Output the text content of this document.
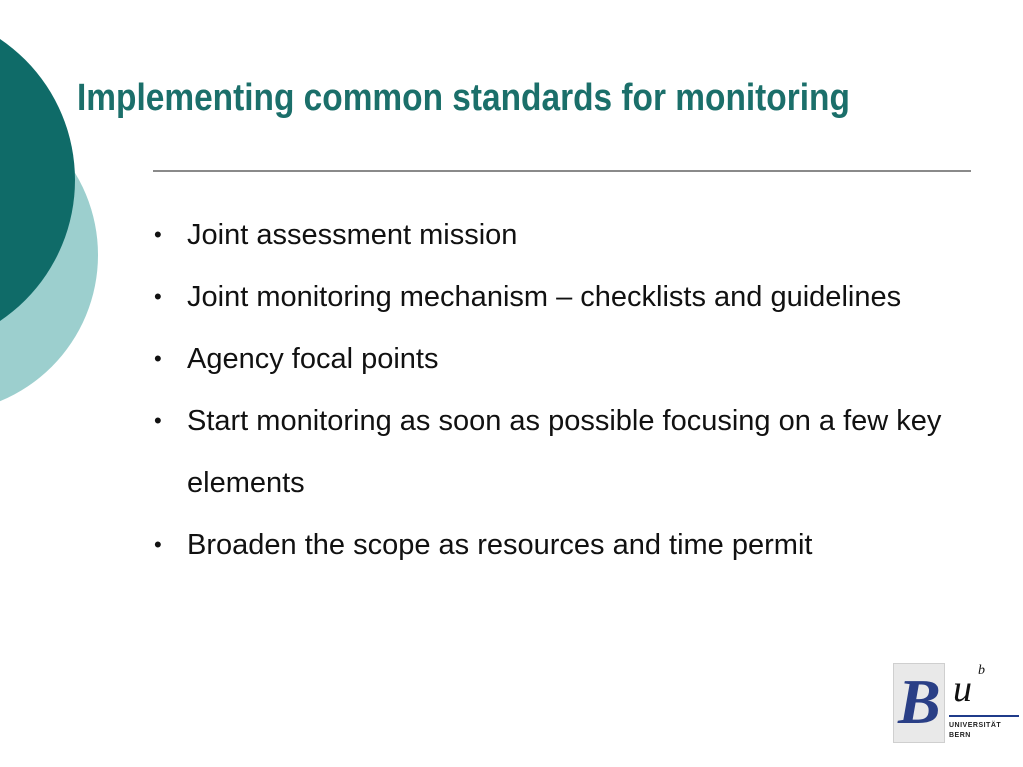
Implementing common standards for monitoring
• Joint assessment mission
• Joint monitoring mechanism – checklists and guidelines
• Agency focal points
• Start monitoring as soon as possible focusing on a few key elements
• Broaden the scope as resources and time permit
B u b
UNIVERSITÄT
BERN
